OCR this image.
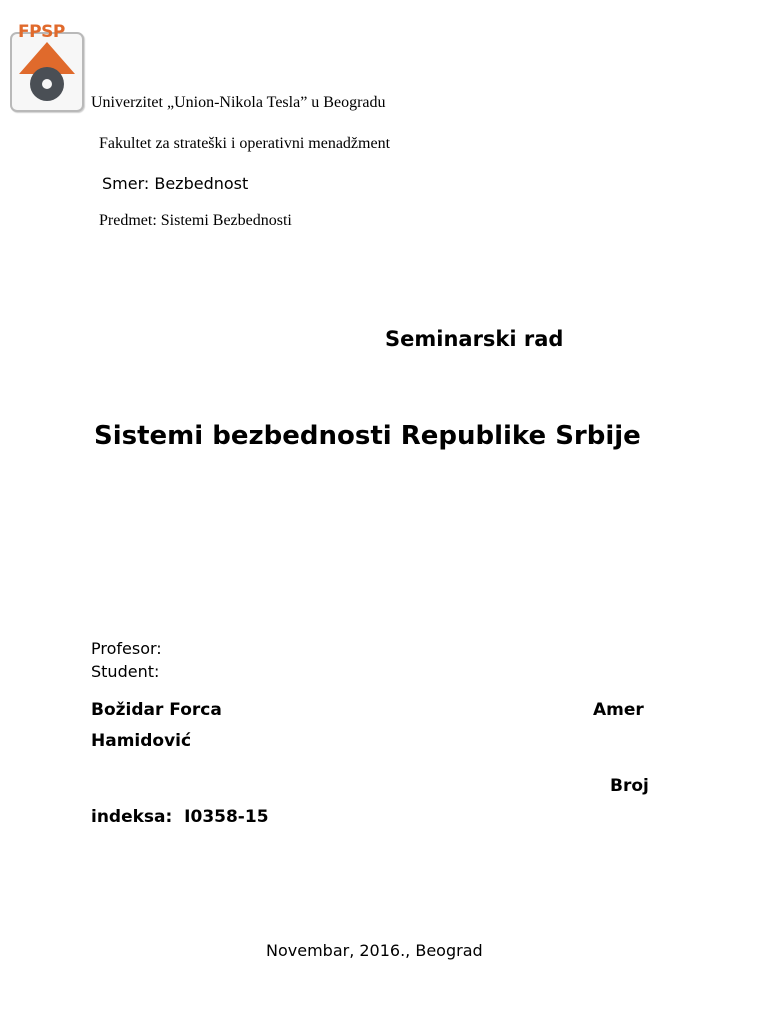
FPSP
Univerzitet „Union-Nikola Tesla” u Beogradu
Fakultet za strateški i operativni menadžment
Smer: Bezbednost
Predmet: Sistemi Bezbednosti
Seminarski rad
Sistemi bezbednosti Republike Srbije
Profesor:
Student:
Božidar Forca	Amer
Hamidović
Broj
indeksa: I0358-15
Novembar, 2016., Beograd
